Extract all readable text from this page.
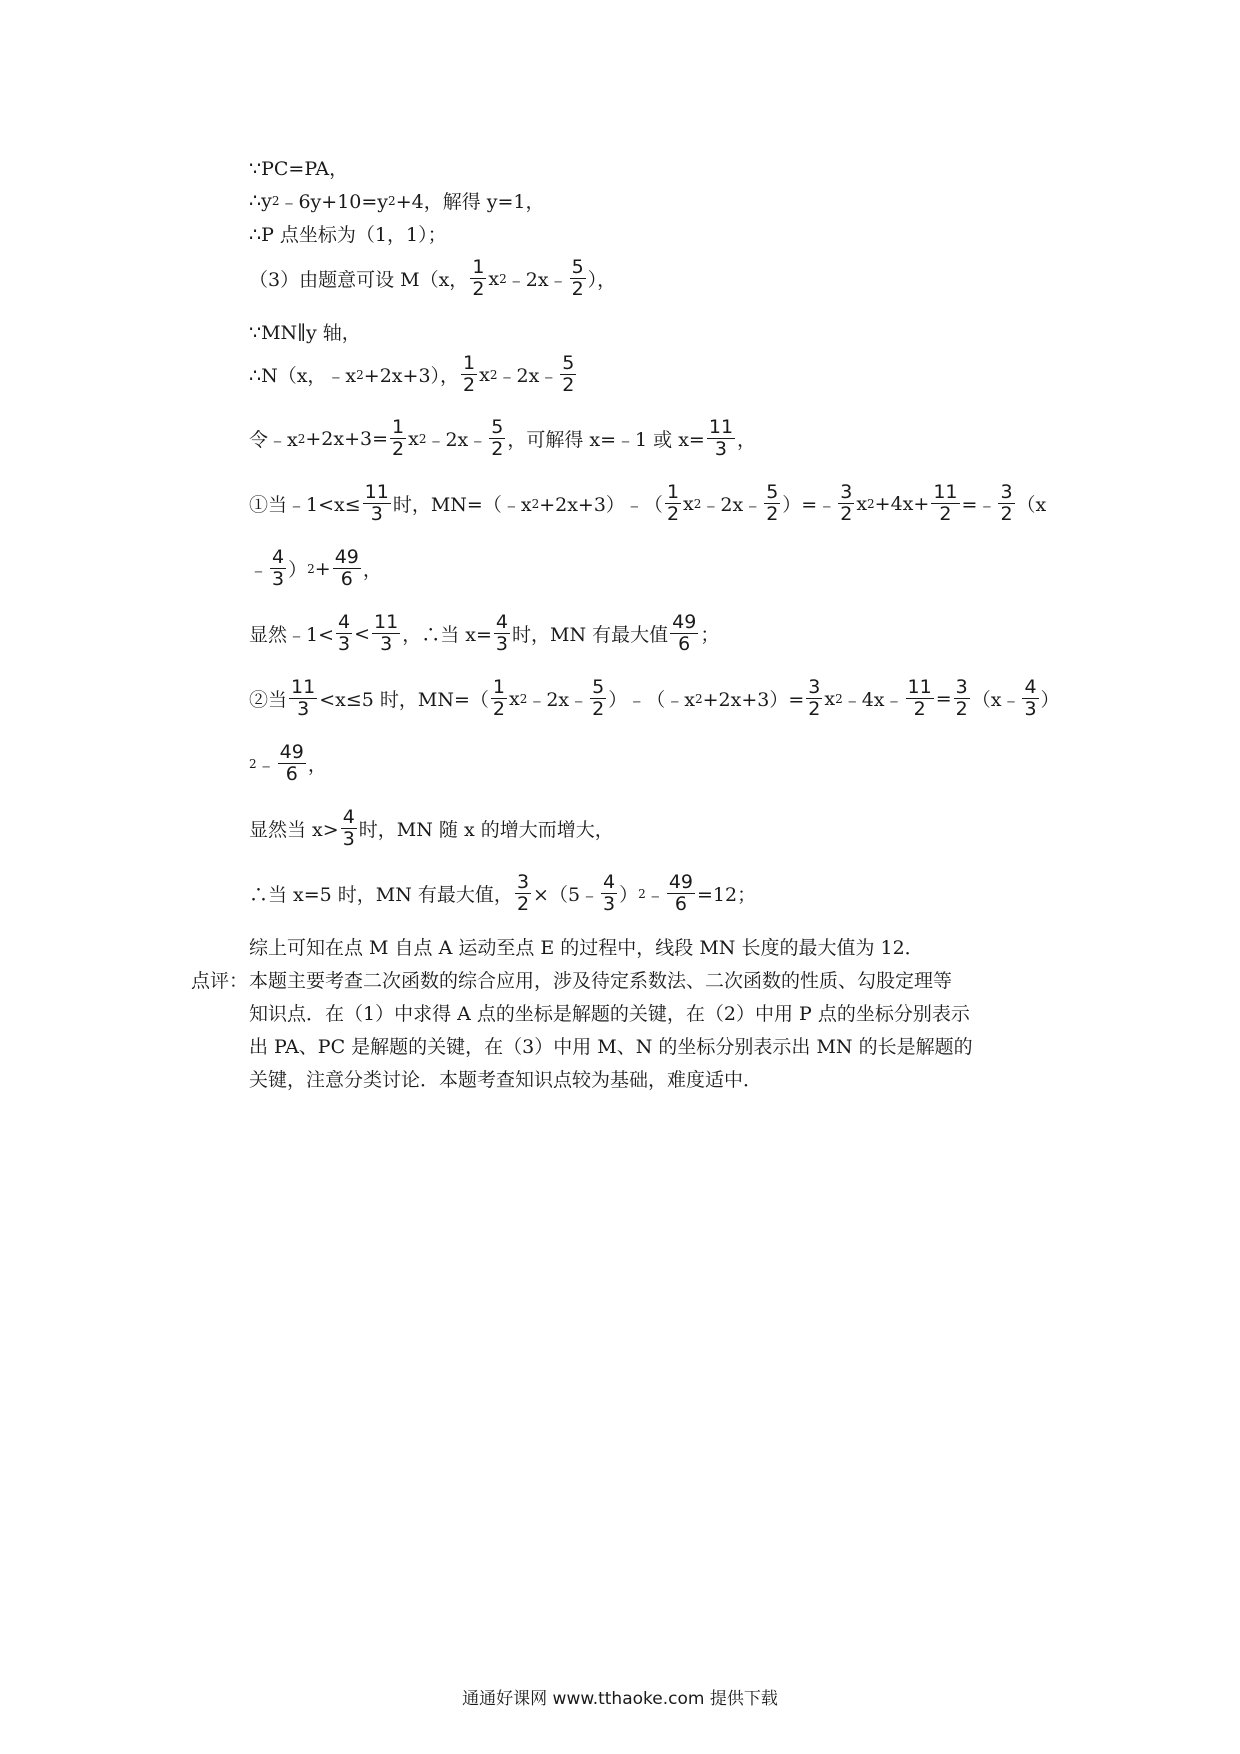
∵PC=PA，
∴y 2 ﹣6y+10=y 2 +4，解得 y=1，
∴P 点坐标为（1，1）；
（3）由题意可设 M（x， $\frac{1}{2}$ x 2 ﹣2x﹣ $\frac{5}{2}$ ），
∵MN∥y 轴，
∴N（x，﹣x 2 +2x+3）， $\frac{1}{2}$ x 2 ﹣2x﹣ $\frac{5}{2}$
令﹣x $2 +2x+3= \frac{1}{2}$ x 2 ﹣2x﹣ $\frac{5}{2}$ ，可解得 x=﹣1 或 $x= \frac{11}{3}$ ，
①当﹣1<x≤ $\frac{11}{3}$ 时，MN=（﹣x 2 +2x+3）﹣（ $\frac{1}{2}$ x 2 ﹣2x﹣ $\frac{5}{2}$ ）=﹣ $\frac{3}{2}$ x $2 +4x+ \frac{11}{2}$ =﹣ $\frac{3}{2} (x$
﹣ $\frac{4}{3}$ ） $2 + \frac{49}{6}$ ，
显然﹣1< $\frac{4}{3} < \frac{11}{3}$ ，∴当 $x= \frac{4}{3}$ 时，MN 有最大值 $\frac{49}{6}$ ；
②当 $\frac{11}{3} <x\le 5$ 时，$MN=( \frac{1}{2}$ x 2 ﹣2x﹣ $\frac{5}{2}$ ）﹣（﹣x $2 +2x+3)= \frac{3}{2}$ x 2 ﹣4x﹣ $\frac{11}{2} = \frac{3}{2}$ （x﹣ $\frac{4}{3}$ ）
2 ﹣ $\frac{49}{6}$ ，
显然当 $x> \frac{4}{3}$ 时，MN 随 x 的增大而增大，
∴当 x=5 时，MN 有最大值， $\frac{3}{2}$ ×（5﹣ $\frac{4}{3}$ ） 2 ﹣ $\frac{49}{6} =12$；
综上可知在点 M 自点 A 运动至点 E 的过程中，线段 MN 长度的最大值为 12．
点评： 本题主要考查二次函数的综合应用，涉及待定系数法、二次函数的性质、勾股定理等
知识点．在（1）中求得 A 点的坐标是解题的关键，在（2）中用 P 点的坐标分别表示
出 PA、PC 是解题的关键，在（3）中用 M、N 的坐标分别表示出 MN 的长是解题的
关键，注意分类讨论．本题考查知识点较为基础，难度适中．
通通好课网 www.tthaoke.com 提供下载
